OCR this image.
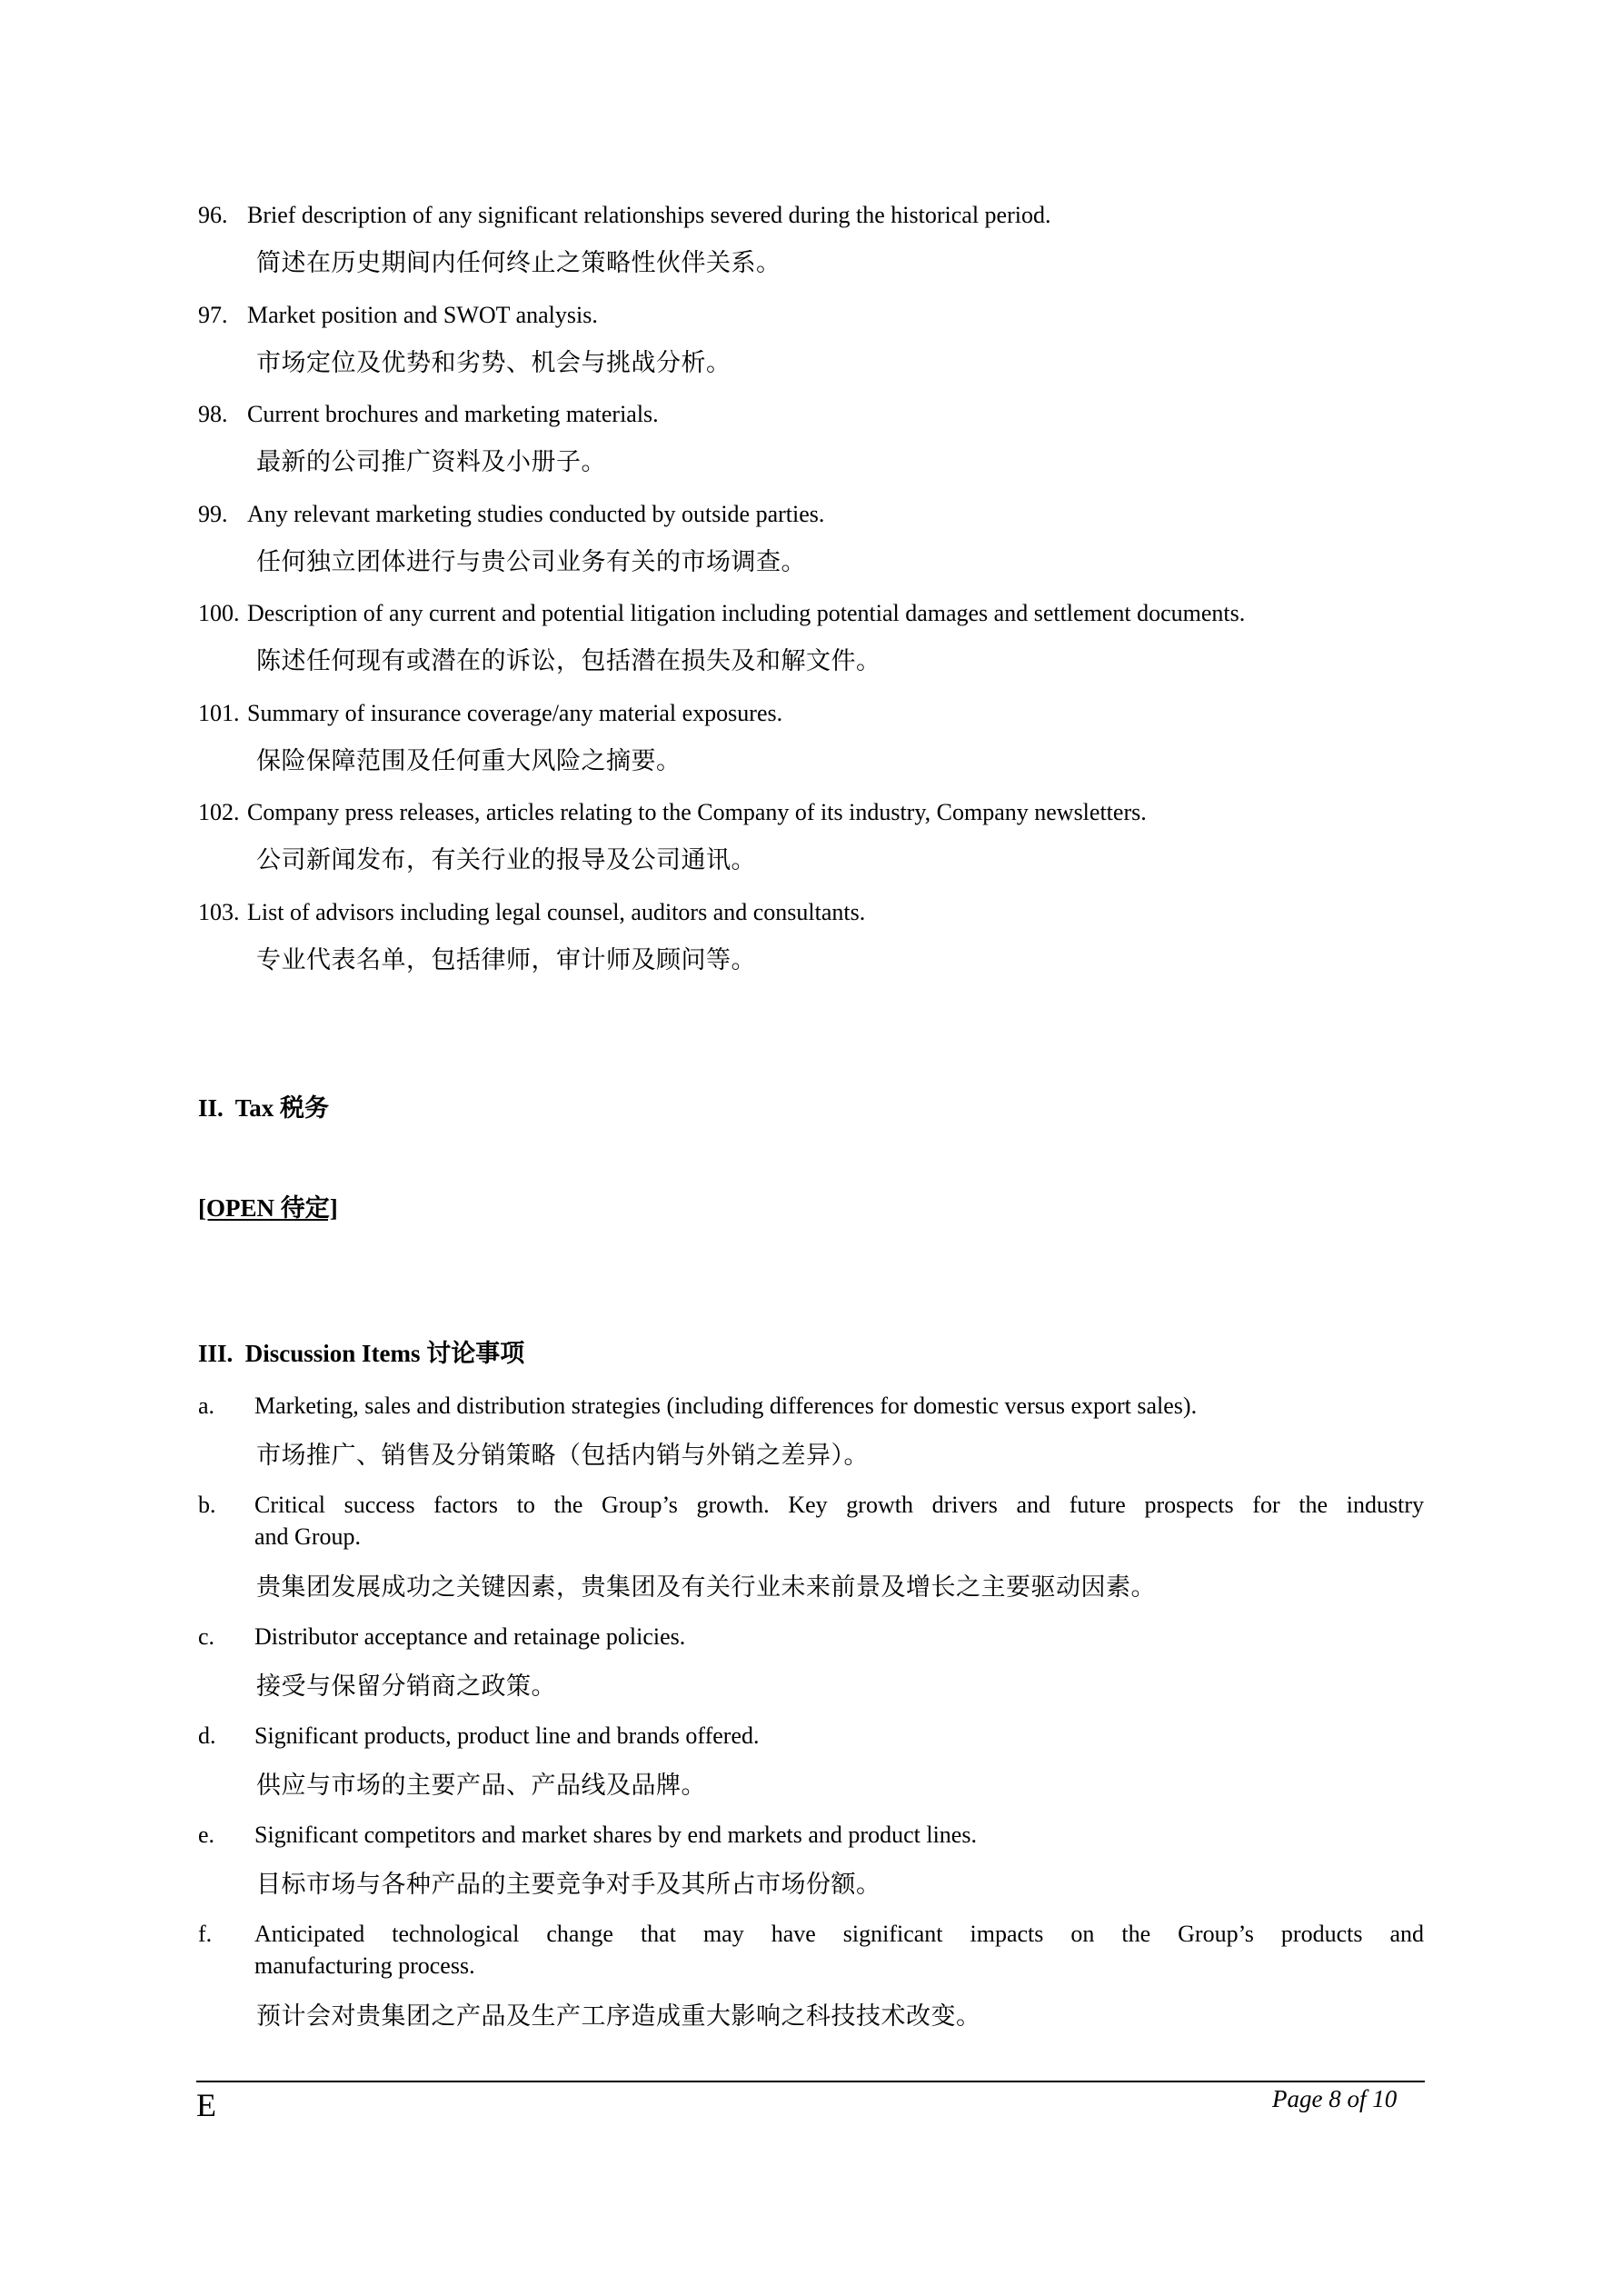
96. Brief description of any significant relationships severed during the historical period.
简述在历史期间内任何终止之策略性伙伴关系。
97. Market position and SWOT analysis.
市场定位及优势和劣势、机会与挑战分析。
98. Current brochures and marketing materials.
最新的公司推广资料及小册子。
99. Any relevant marketing studies conducted by outside parties.
任何独立团体进行与贵公司业务有关的市场调查。
100. Description of any current and potential litigation including potential damages and settlement documents.
陈述任何现有或潜在的诉讼，包括潜在损失及和解文件。
101. Summary of insurance coverage/any material exposures.
保险保障范围及任何重大风险之摘要。
102. Company press releases, articles relating to the Company of its industry, Company newsletters.
公司新闻发布，有关行业的报导及公司通讯。
103. List of advisors including legal counsel, auditors and consultants.
专业代表名单，包括律师，审计师及顾问等。
II.  Tax 税务
[OPEN 待定]
III.  Discussion Items 讨论事项
a. Marketing, sales and distribution strategies (including differences for domestic versus export sales).
市场推广、销售及分销策略（包括内销与外销之差异）。
b. Critical success factors to the Group’s growth. Key growth drivers and future prospects for the industry
and Group.
贵集团发展成功之关键因素，贵集团及有关行业未来前景及增长之主要驱动因素。
c. Distributor acceptance and retainage policies.
接受与保留分销商之政策。
d. Significant products, product line and brands offered.
供应与市场的主要产品、产品线及品牌。
e. Significant competitors and market shares by end markets and product lines.
目标市场与各种产品的主要竞争对手及其所占市场份额。
f. Anticipated technological change that may have significant impacts on the Group’s products and
manufacturing process.
预计会对贵集团之产品及生产工序造成重大影响之科技技术改变。
E	Page 8 of 10
